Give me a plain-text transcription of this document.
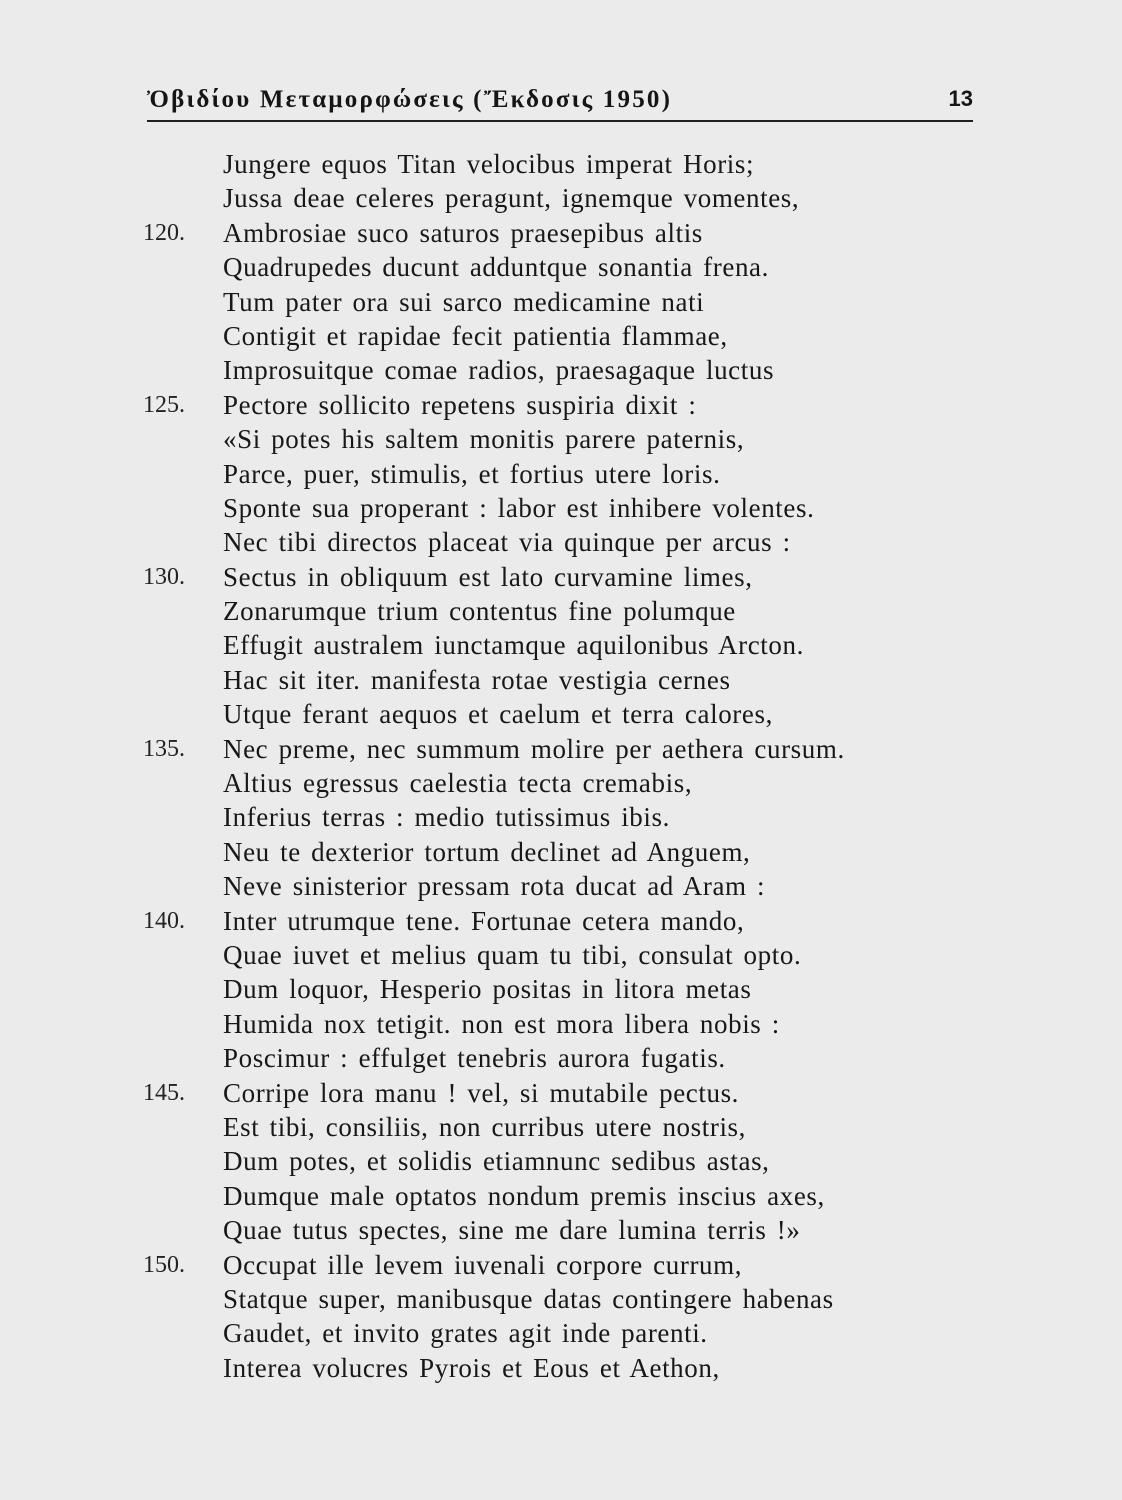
Ὀβιδίου Μεταμορφώσεις (Ἔκδοσις 1950)	13
Jungere equos Titan velocibus imperat Horis;
Jussa deae celeres peragunt, ignemque vomentes,
120.	Ambrosiae suco saturos praesepibus altis
Quadrupedes ducunt adduntque sonantia frena.
Tum pater ora sui sarco medicamine nati
Contigit et rapidae fecit patientia flammae,
Improsuitque comae radios, praesagaque luctus
125.	Pectore sollicito repetens suspiria dixit :
«Si potes his saltem monitis parere paternis,
Parce, puer, stimulis, et fortius utere loris.
Sponte sua properant : labor est inhibere volentes.
Nec tibi directos placeat via quinque per arcus :
130.	Sectus in obliquum est lato curvamine limes,
Zonarumque trium contentus fine polumque
Effugit australem iunctamque aquilonibus Arcton.
Hac sit iter. manifesta rotae vestigia cernes
Utque ferant aequos et caelum et terra calores,
135.	Nec preme, nec summum molire per aethera cursum.
Altius egressus caelestia tecta cremabis,
Inferius terras : medio tutissimus ibis.
Neu te dexterior tortum declinet ad Anguem,
Neve sinisterior pressam rota ducat ad Aram :
140.	Inter utrumque tene. Fortunae cetera mando,
Quae iuvet et melius quam tu tibi, consulat opto.
Dum loquor, Hesperio positas in litora metas
Humida nox tetigit. non est mora libera nobis :
Poscimur : effulget tenebris aurora fugatis.
145.	Corripe lora manu ! vel, si mutabile pectus.
Est tibi, consiliis, non curribus utere nostris,
Dum potes, et solidis etiamnunc sedibus astas,
Dumque male optatos nondum premis inscius axes,
Quae tutus spectes, sine me dare lumina terris !»
150.	Occupat ille levem iuvenali corpore currum,
Statque super, manibusque datas contingere habenas
Gaudet, et invito grates agit inde parenti.
Interea volucres Pyrois et Eous et Aethon,
